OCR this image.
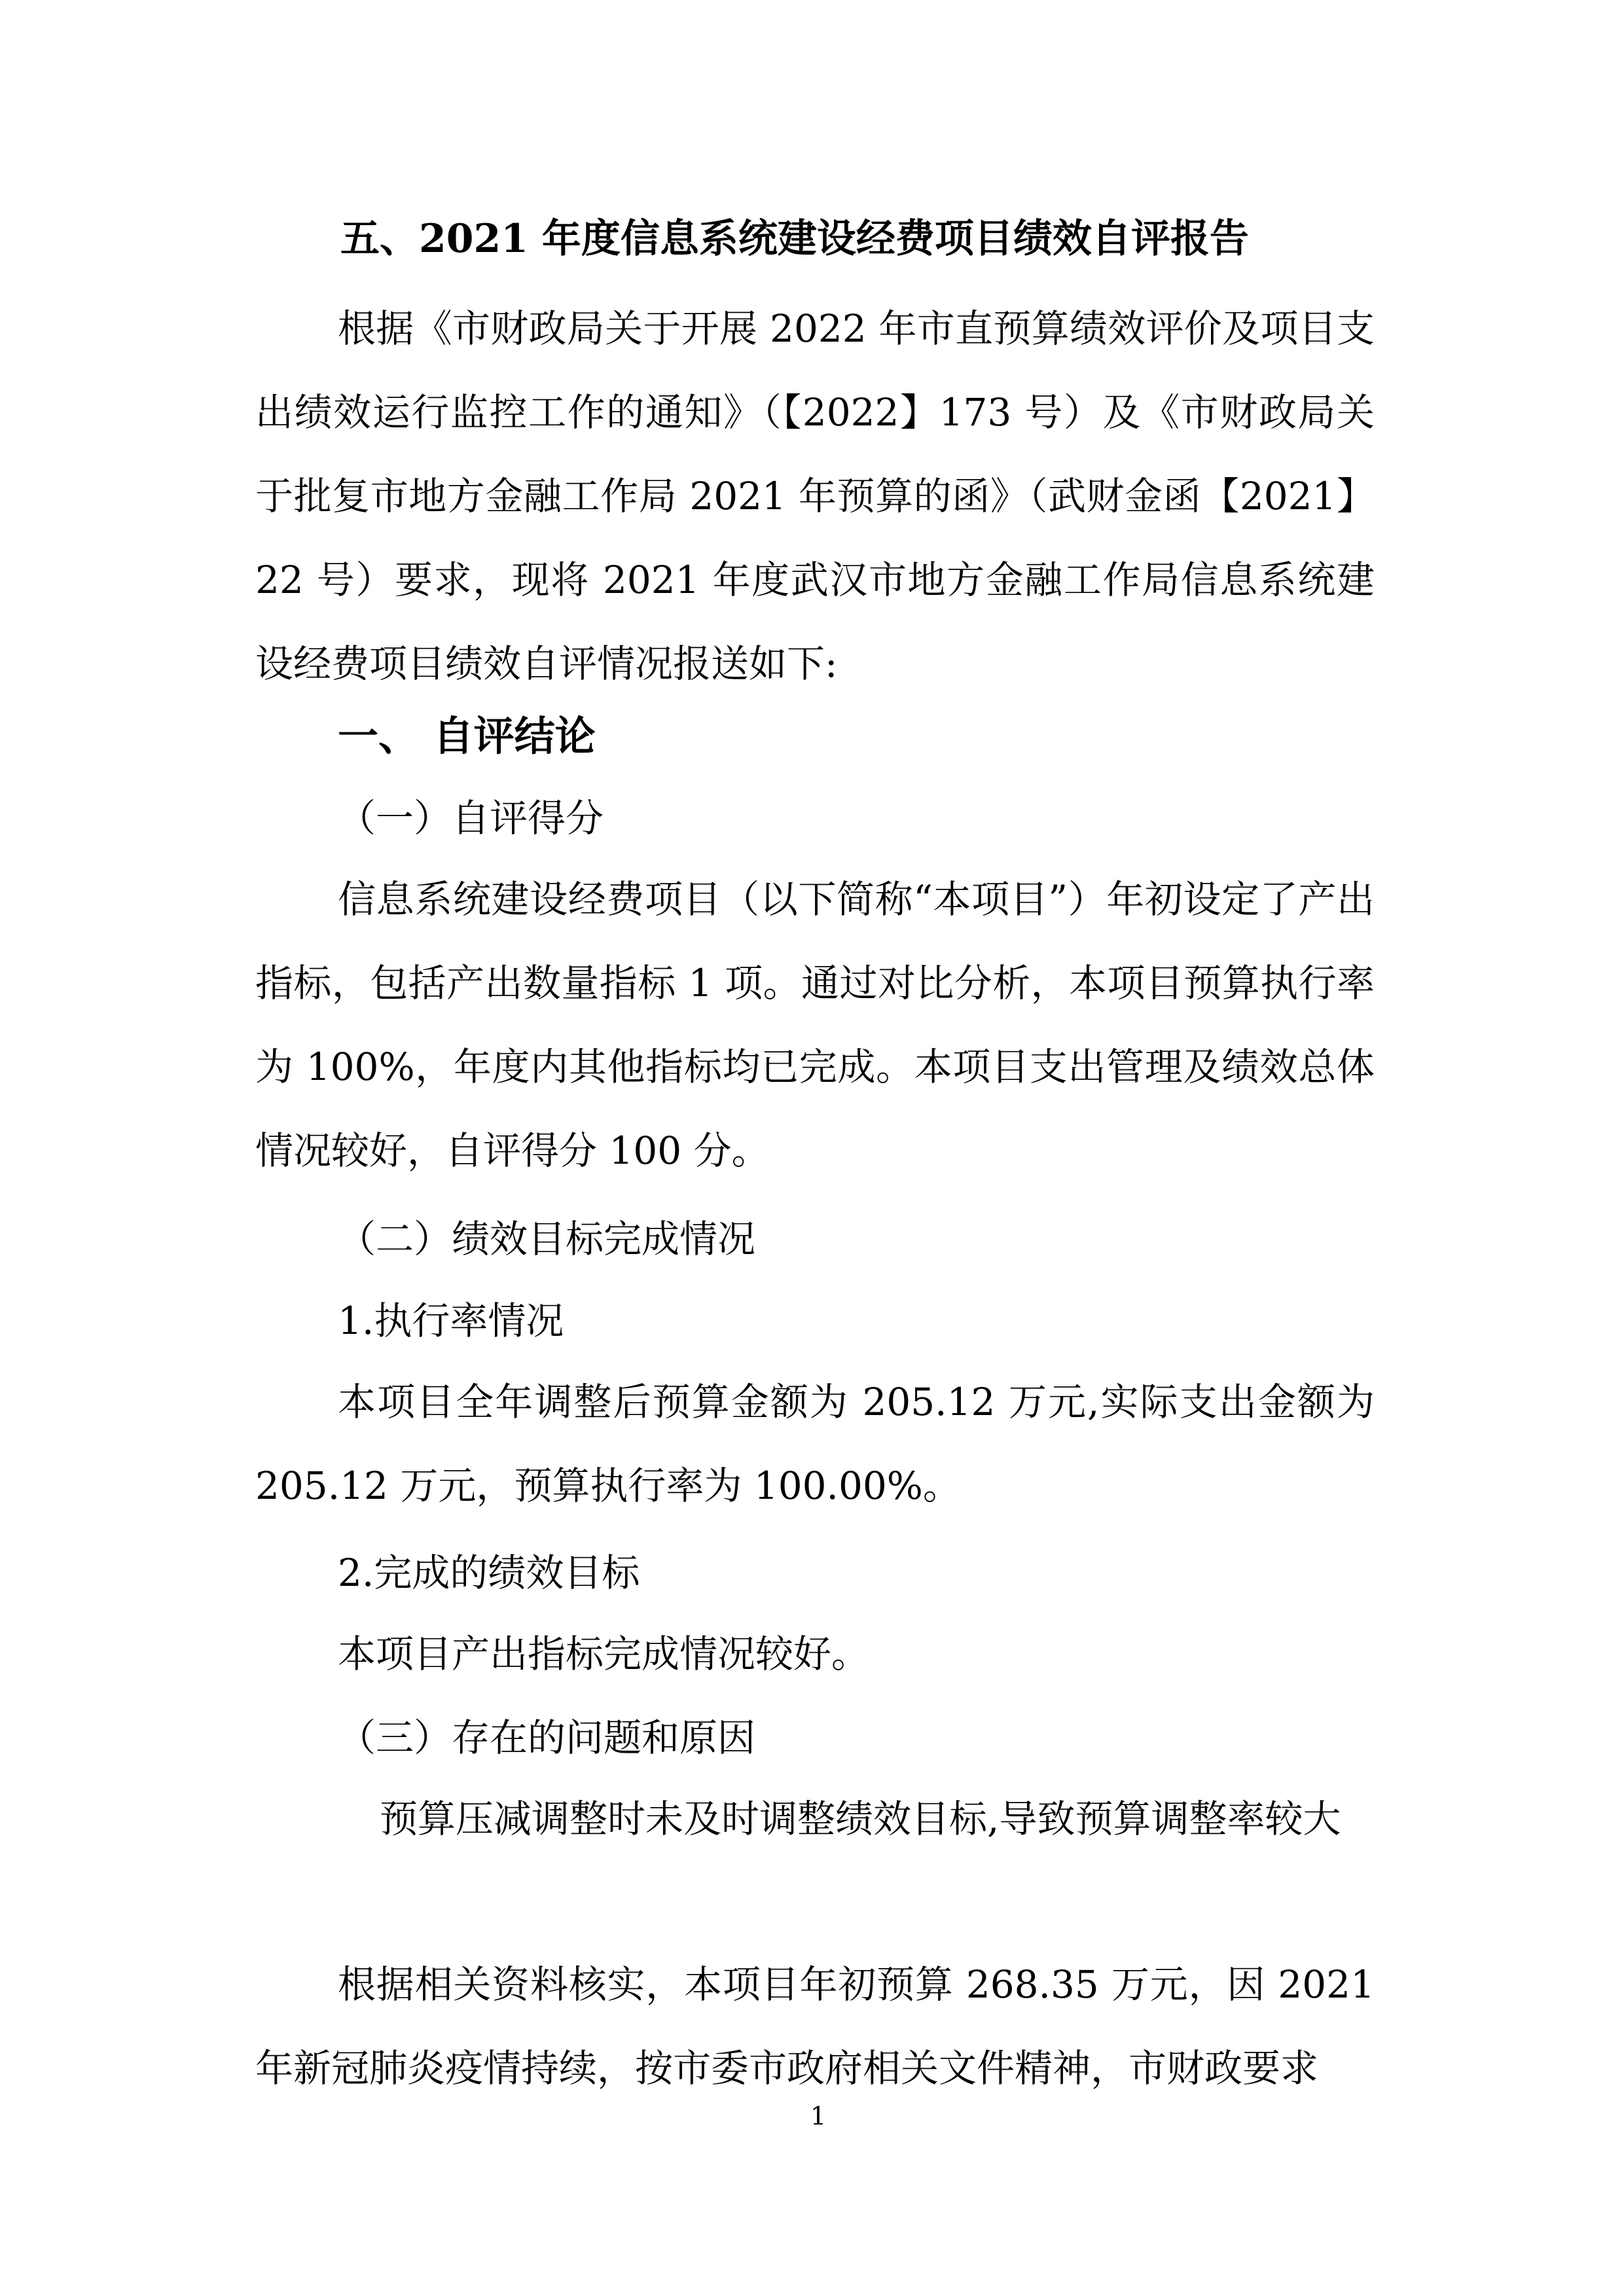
五、2021 年度信息系统建设经费项目绩效自评报告

根据《市财政局关于开展 2022 年市直预算绩效评价及项目支出绩效运行监控工作的通知》（【2022】173 号）及《市财政局关于批复市地方金融工作局 2021 年预算的函》（武财金函【2021】22 号）要求，现将 2021 年度武汉市地方金融工作局信息系统建设经费项目绩效自评情况报送如下:

一、 自评结论
（一）自评得分

信息系统建设经费项目（以下简称“本项目”）年初设定了产出指标，包括产出数量指标 1 项。通过对比分析，本项目预算执行率为 100%，年度内其他指标均已完成。本项目支出管理及绩效总体情况较好，自评得分 100 分。

（二）绩效目标完成情况
1.执行率情况

本项目全年调整后预算金额为 205.12 万元,实际支出金额为 205.12 万元，预算执行率为 100.00%。

2.完成的绩效目标

本项目产出指标完成情况较好。

（三）存在的问题和原因

预算压减调整时未及时调整绩效目标,导致预算调整率较大

根据相关资料核实，本项目年初预算 268.35 万元，因 2021 年新冠肺炎疫情持续，按市委市政府相关文件精神，市财政要求

1
